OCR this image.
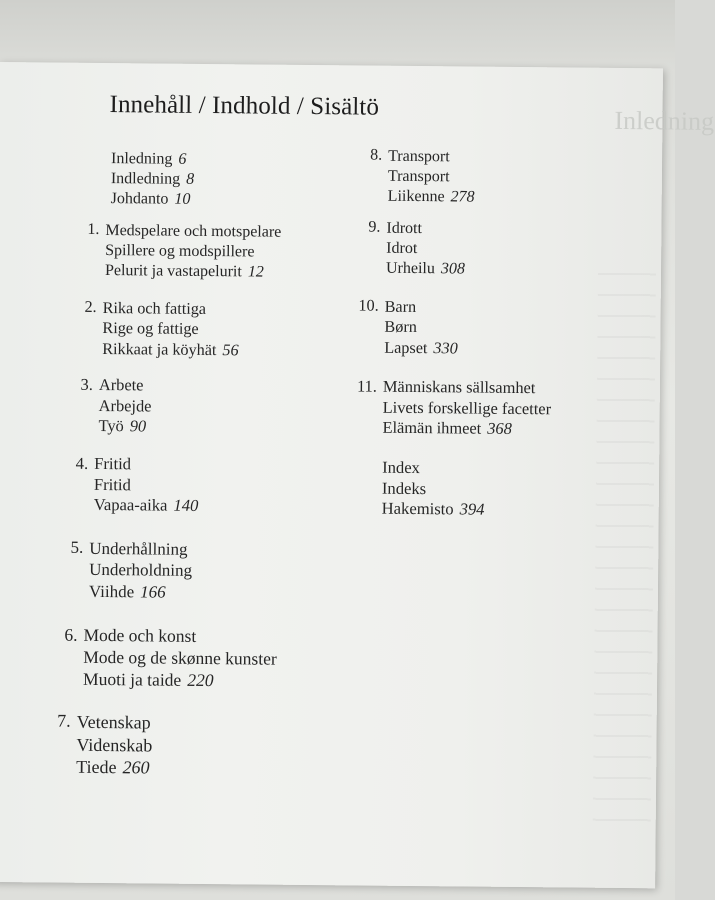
Innehåll / Indhold / Sisältö
Inledning
Inledning 6
Indledning 8
Johdanto 10
1. Medspelare och motspelare
Spillere og modspillere
Pelurit ja vastapelurit 12
2. Rika och fattiga
Rige og fattige
Rikkaat ja köyhät 56
3. Arbete
Arbejde
Työ 90
4. Fritid
Fritid
Vapaa-aika 140
5. Underhållning
Underholdning
Viihde 166
6. Mode och konst
Mode og de skønne kunster
Muoti ja taide 220
7. Vetenskap
Videnskab
Tiede 260
8. Transport
Transport
Liikenne 278
9. Idrott
Idrot
Urheilu 308
10. Barn
Børn
Lapset 330
11. Människans sällsamhet
Livets forskellige facetter
Elämän ihmeet 368
Index
Indeks
Hakemisto 394
